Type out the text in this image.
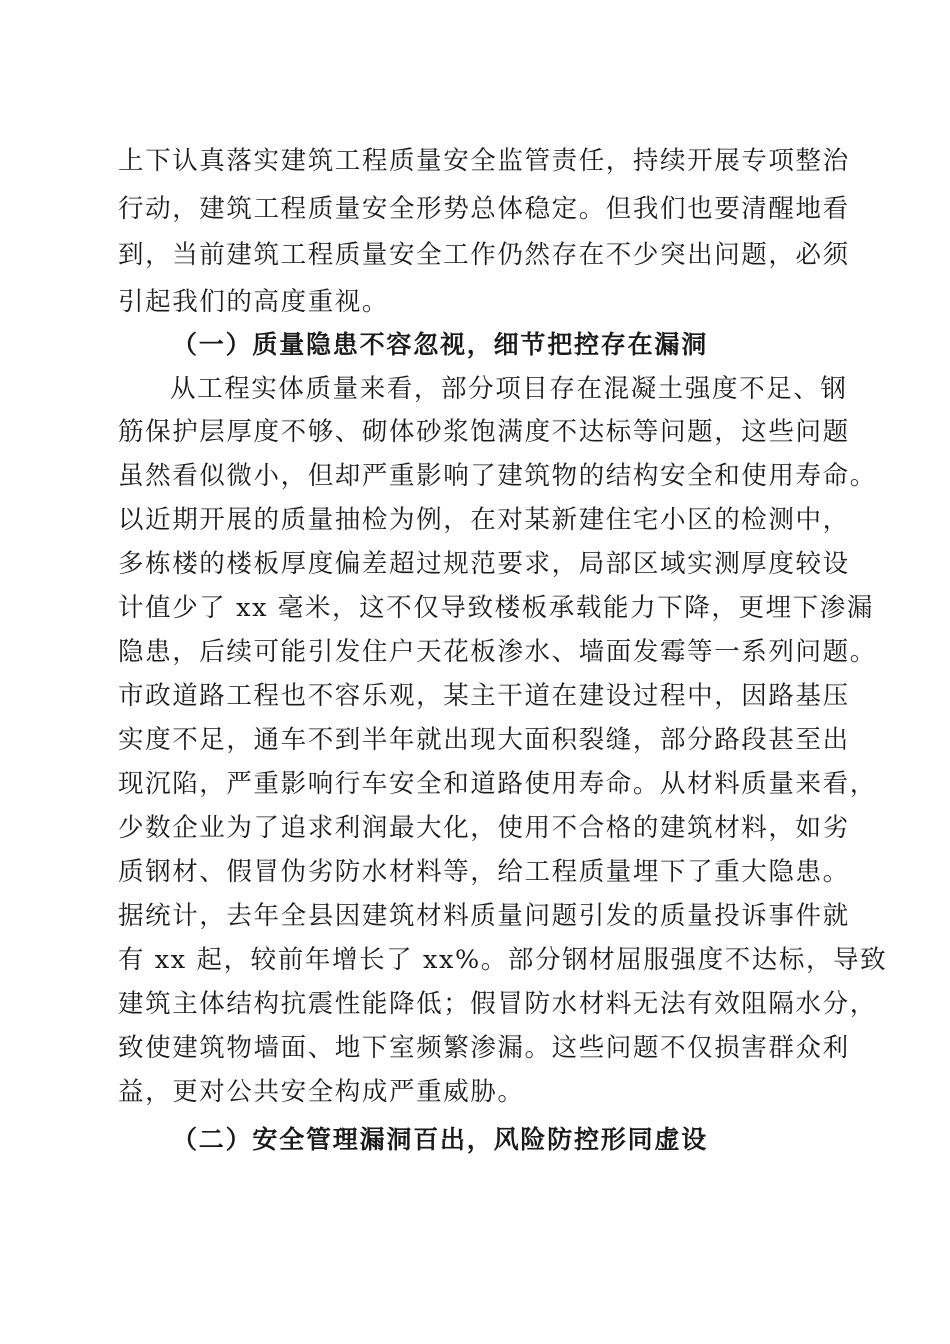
上下认真落实建筑工程质量安全监管责任，持续开展专项整治
行动，建筑工程质量安全形势总体稳定。但我们也要清醒地看
到，当前建筑工程质量安全工作仍然存在不少突出问题，必须
引起我们的高度重视。
（一）质量隐患不容忽视，细节把控存在漏洞
从工程实体质量来看，部分项目存在混凝土强度不足、钢
筋保护层厚度不够、砌体砂浆饱满度不达标等问题，这些问题
虽然看似微小，但却严重影响了建筑物的结构安全和使用寿命。
以近期开展的质量抽检为例，在对某新建住宅小区的检测中，
多栋楼的楼板厚度偏差超过规范要求，局部区域实测厚度较设
计值少了 xx 毫米，这不仅导致楼板承载能力下降，更埋下渗漏
隐患，后续可能引发住户天花板渗水、墙面发霉等一系列问题。
市政道路工程也不容乐观，某主干道在建设过程中，因路基压
实度不足，通车不到半年就出现大面积裂缝，部分路段甚至出
现沉陷，严重影响行车安全和道路使用寿命。从材料质量来看，
少数企业为了追求利润最大化，使用不合格的建筑材料，如劣
质钢材、假冒伪劣防水材料等，给工程质量埋下了重大隐患。
据统计，去年全县因建筑材料质量问题引发的质量投诉事件就
有 xx 起，较前年增长了 xx%。部分钢材屈服强度不达标，导致
建筑主体结构抗震性能降低；假冒防水材料无法有效阻隔水分，
致使建筑物墙面、地下室频繁渗漏。这些问题不仅损害群众利
益，更对公共安全构成严重威胁。
（二）安全管理漏洞百出，风险防控形同虚设
